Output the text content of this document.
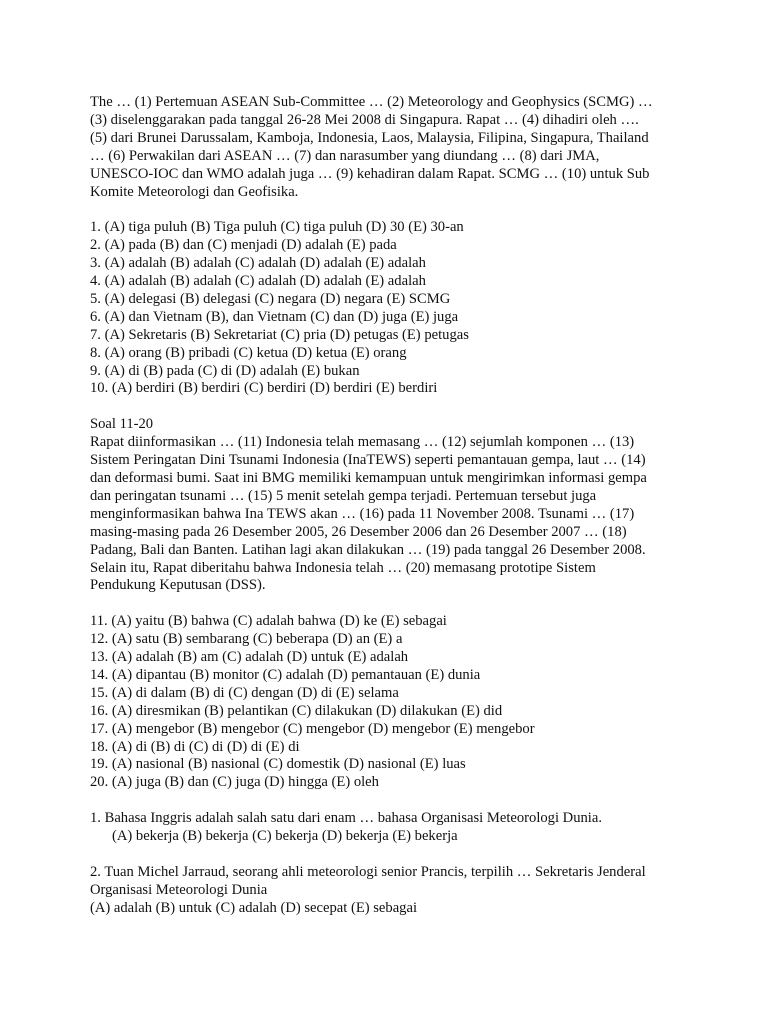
The … (1) Pertemuan ASEAN Sub-Committee … (2) Meteorology and Geophysics (SCMG) …
(3) diselenggarakan pada tanggal 26-28 Mei 2008 di Singapura. Rapat … (4) dihadiri oleh ….
(5) dari Brunei Darussalam, Kamboja, Indonesia, Laos, Malaysia, Filipina, Singapura, Thailand
… (6) Perwakilan dari ASEAN … (7) dan narasumber yang diundang … (8) dari JMA,
UNESCO-IOC dan WMO adalah juga … (9) kehadiran dalam Rapat. SCMG … (10) untuk Sub
Komite Meteorologi dan Geofisika.
1. (A) tiga puluh (B) Tiga puluh (C) tiga puluh (D) 30 (E) 30-an
2. (A) pada (B) dan (C) menjadi (D) adalah (E) pada
3. (A) adalah (B) adalah (C) adalah (D) adalah (E) adalah
4. (A) adalah (B) adalah (C) adalah (D) adalah (E) adalah
5. (A) delegasi (B) delegasi (C) negara (D) negara (E) SCMG
6. (A) dan Vietnam (B), dan Vietnam (C) dan (D) juga (E) juga
7. (A) Sekretaris (B) Sekretariat (C) pria (D) petugas (E) petugas
8. (A) orang (B) pribadi (C) ketua (D) ketua (E) orang
9. (A) di (B) pada (C) di (D) adalah (E) bukan
10. (A) berdiri (B) berdiri (C) berdiri (D) berdiri (E) berdiri
Soal 11-20
Rapat diinformasikan … (11) Indonesia telah memasang … (12) sejumlah komponen … (13)
Sistem Peringatan Dini Tsunami Indonesia (InaTEWS) seperti pemantauan gempa, laut … (14)
dan deformasi bumi. Saat ini BMG memiliki kemampuan untuk mengirimkan informasi gempa
dan peringatan tsunami … (15) 5 menit setelah gempa terjadi. Pertemuan tersebut juga
menginformasikan bahwa Ina TEWS akan … (16) pada 11 November 2008. Tsunami … (17)
masing-masing pada 26 Desember 2005, 26 Desember 2006 dan 26 Desember 2007 … (18)
Padang, Bali dan Banten. Latihan lagi akan dilakukan … (19) pada tanggal 26 Desember 2008.
Selain itu, Rapat diberitahu bahwa Indonesia telah … (20) memasang prototipe Sistem
Pendukung Keputusan (DSS).
11. (A) yaitu (B) bahwa (C) adalah bahwa (D) ke (E) sebagai
12. (A) satu (B) sembarang (C) beberapa (D) an (E) a
13. (A) adalah (B) am (C) adalah (D) untuk (E) adalah
14. (A) dipantau (B) monitor (C) adalah (D) pemantauan (E) dunia
15. (A) di dalam (B) di (C) dengan (D) di (E) selama
16. (A) diresmikan (B) pelantikan (C) dilakukan (D) dilakukan (E) did
17. (A) mengebor (B) mengebor (C) mengebor (D) mengebor (E) mengebor
18. (A) di (B) di (C) di (D) di (E) di
19. (A) nasional (B) nasional (C) domestik (D) nasional (E) luas
20. (A) juga (B) dan (C) juga (D) hingga (E) oleh
1. Bahasa Inggris adalah salah satu dari enam … bahasa Organisasi Meteorologi Dunia.
(A) bekerja (B) bekerja (C) bekerja (D) bekerja (E) bekerja
2. Tuan Michel Jarraud, seorang ahli meteorologi senior Prancis, terpilih … Sekretaris Jenderal
Organisasi Meteorologi Dunia
(A) adalah (B) untuk (C) adalah (D) secepat (E) sebagai
